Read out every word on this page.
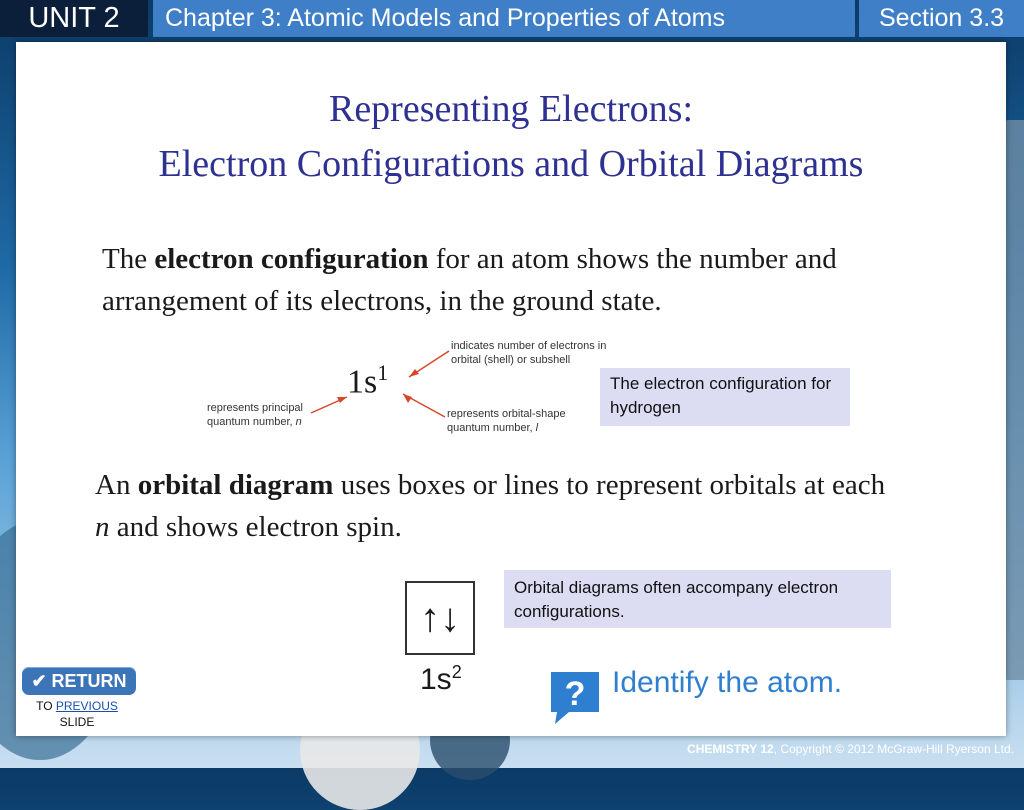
UNIT 2	Chapter 3: Atomic Models and Properties of Atoms	Section 3.3
Representing Electrons:
Electron Configurations and Orbital Diagrams
The electron configuration for an atom shows the number and arrangement of its electrons, in the ground state.
$1s^1$
indicates number of electrons in orbital (shell) or subshell
represents principal quantum number, n
represents orbital-shape quantum number, l
The electron configuration for hydrogen
An orbital diagram uses boxes or lines to represent orbitals at each n and shows electron spin.
Orbital diagrams often accompany electron configurations.
↑↓
$1s^2$
? Identify the atom.
✔ RETURN
TO PREVIOUS
SLIDE
CHEMISTRY 12, Copyright © 2012 McGraw-Hill Ryerson Ltd.
